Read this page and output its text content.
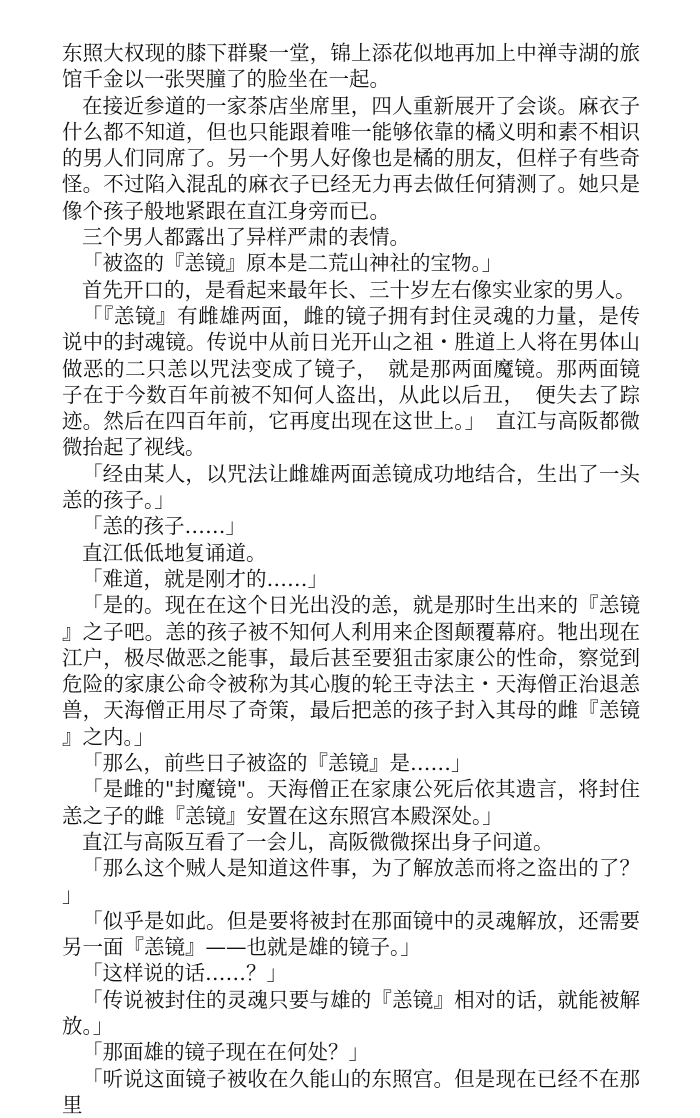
东照大权现的膝下群聚一堂，锦上添花似地再加上中禅寺湖的旅馆千金以一张哭朣了的脸坐在一起。

在接近参道的一家茶店坐席里，四人重新展开了会谈。麻衣子什么都不知道，但也只能跟着唯一能够依靠的橘义明和素不相识的男人们同席了。另一个男人好像也是橘的朋友，但样子有些奇怪。不过陷入混乱的麻衣子已经无力再去做任何猜测了。她只是像个孩子般地紧跟在直江身旁而已。

三个男人都露出了异样严肃的表情。

「被盗的『恙镜』原本是二荒山神社的宝物。」

首先开口的，是看起来最年长、三十岁左右像实业家的男人。

「『恙镜』有雌雄两面，雌的镜子拥有封住灵魂的力量，是传说中的封魂镜。传说中从前日光开山之祖・胜道上人将在男体山做恶的二只恙以咒法变成了镜子，　就是那两面魔镜。那两面镜子在于今数百年前被不知何人盗出，从此以后丑，　便失去了踪迹。然后在四百年前，它再度出现在这世上。」　直江与高阪都微微抬起了视线。

「经由某人，以咒法让雌雄两面恙镜成功地结合，生出了一头恙的孩子。」

「恙的孩子……」

直江低低地复诵道。

「难道，就是刚才的……」

「是的。现在在这个日光出没的恙，就是那时生出来的『恙镜』之子吧。恙的孩子被不知何人利用来企图颠覆幕府。牠出现在江户，极尽做恶之能事，最后甚至要狙击家康公的性命，察觉到危险的家康公命令被称为其心腹的轮王寺法主・天海僧正治退恙兽，天海僧正用尽了奇策，最后把恙的孩子封入其母的雌『恙镜』之内。」

「那么，前些日子被盗的『恙镜』是……」

「是雌的"封魔镜"。天海僧正在家康公死后依其遗言，将封住恙之子的雌『恙镜』安置在这东照宫本殿深处。」

直江与高阪互看了一会儿，高阪微微探出身子问道。

「那么这个贼人是知道这件事，为了解放恙而将之盗出的了？」

「似乎是如此。但是要将被封在那面镜中的灵魂解放，还需要另一面『恙镜』——也就是雄的镜子。」

「这样说的话……？」

「传说被封住的灵魂只要与雄的『恙镜』相对的话，就能被解放。」

「那面雄的镜子现在在何处？」

「听说这面镜子被收在久能山的东照宫。但是现在已经不在那里
